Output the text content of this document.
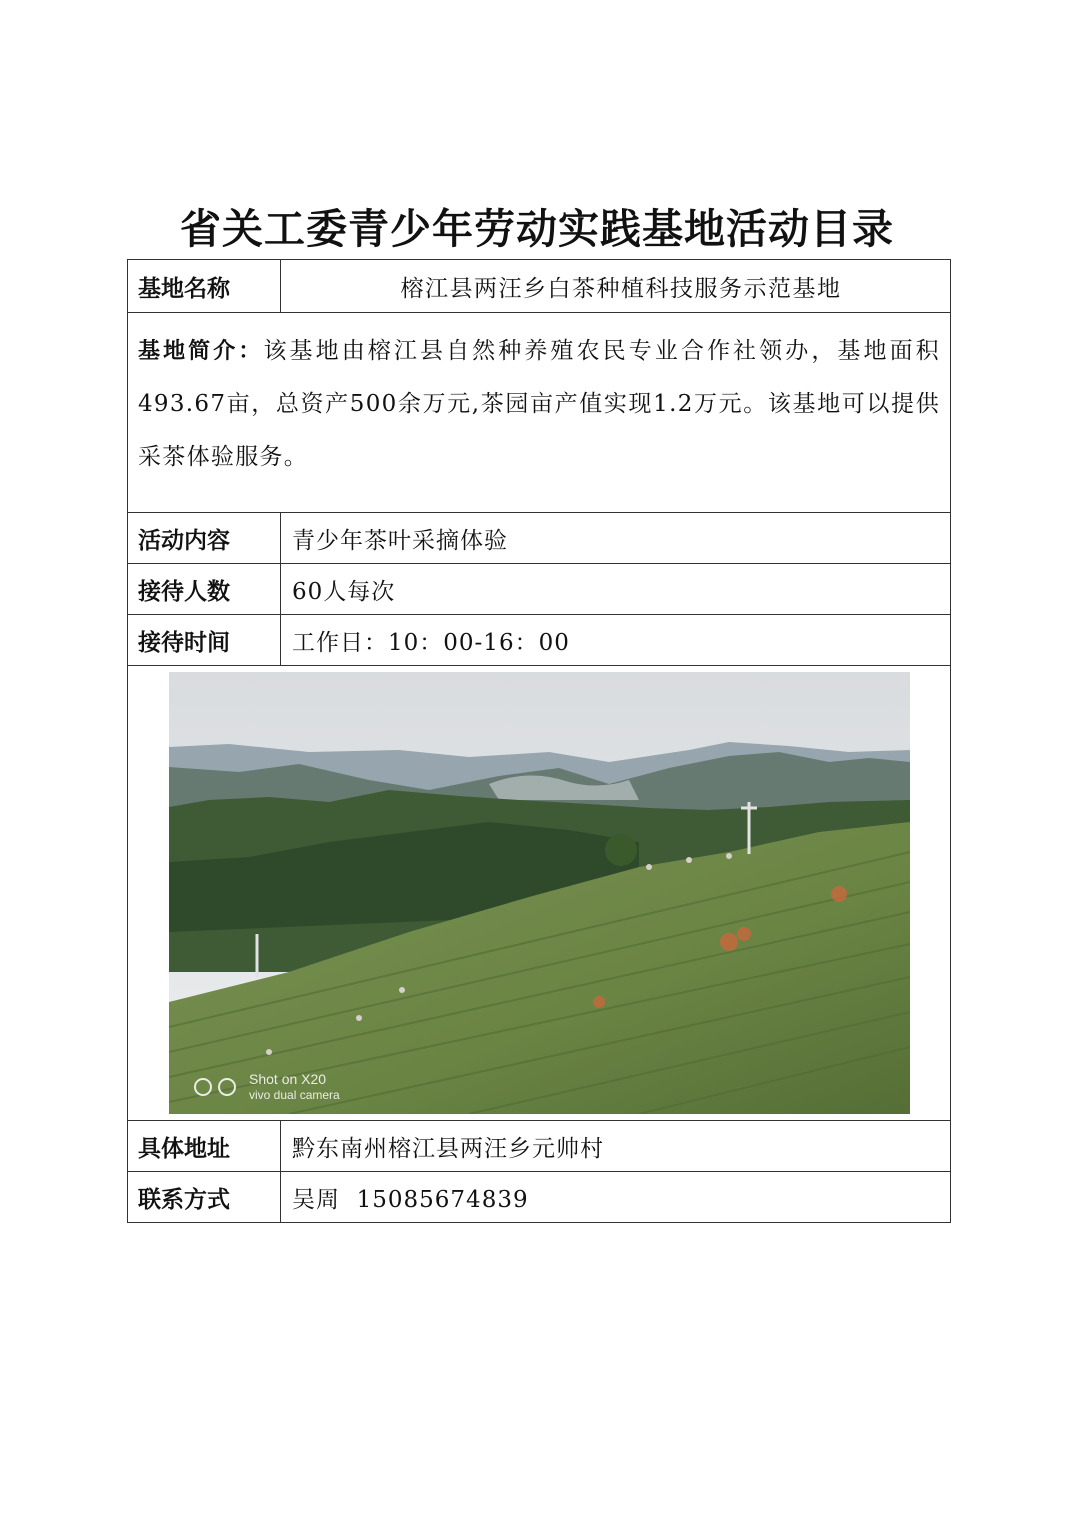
省关工委青少年劳动实践基地活动目录
基地名称	榕江县两汪乡白茶种植科技服务示范基地

基地简介：该基地由榕江县自然种养殖农民专业合作社领办，基地面积493.67亩，总资产500余万元,茶园亩产值实现1.2万元。该基地可以提供采茶体验服务。	

活动内容	青少年茶叶采摘体验
接待人数	60人每次
接待时间	工作日：10：00-16：00

Shot on X20
vivo dual camera	

具体地址	黔东南州榕江县两汪乡元帅村
联系方式	吴周  15085674839
